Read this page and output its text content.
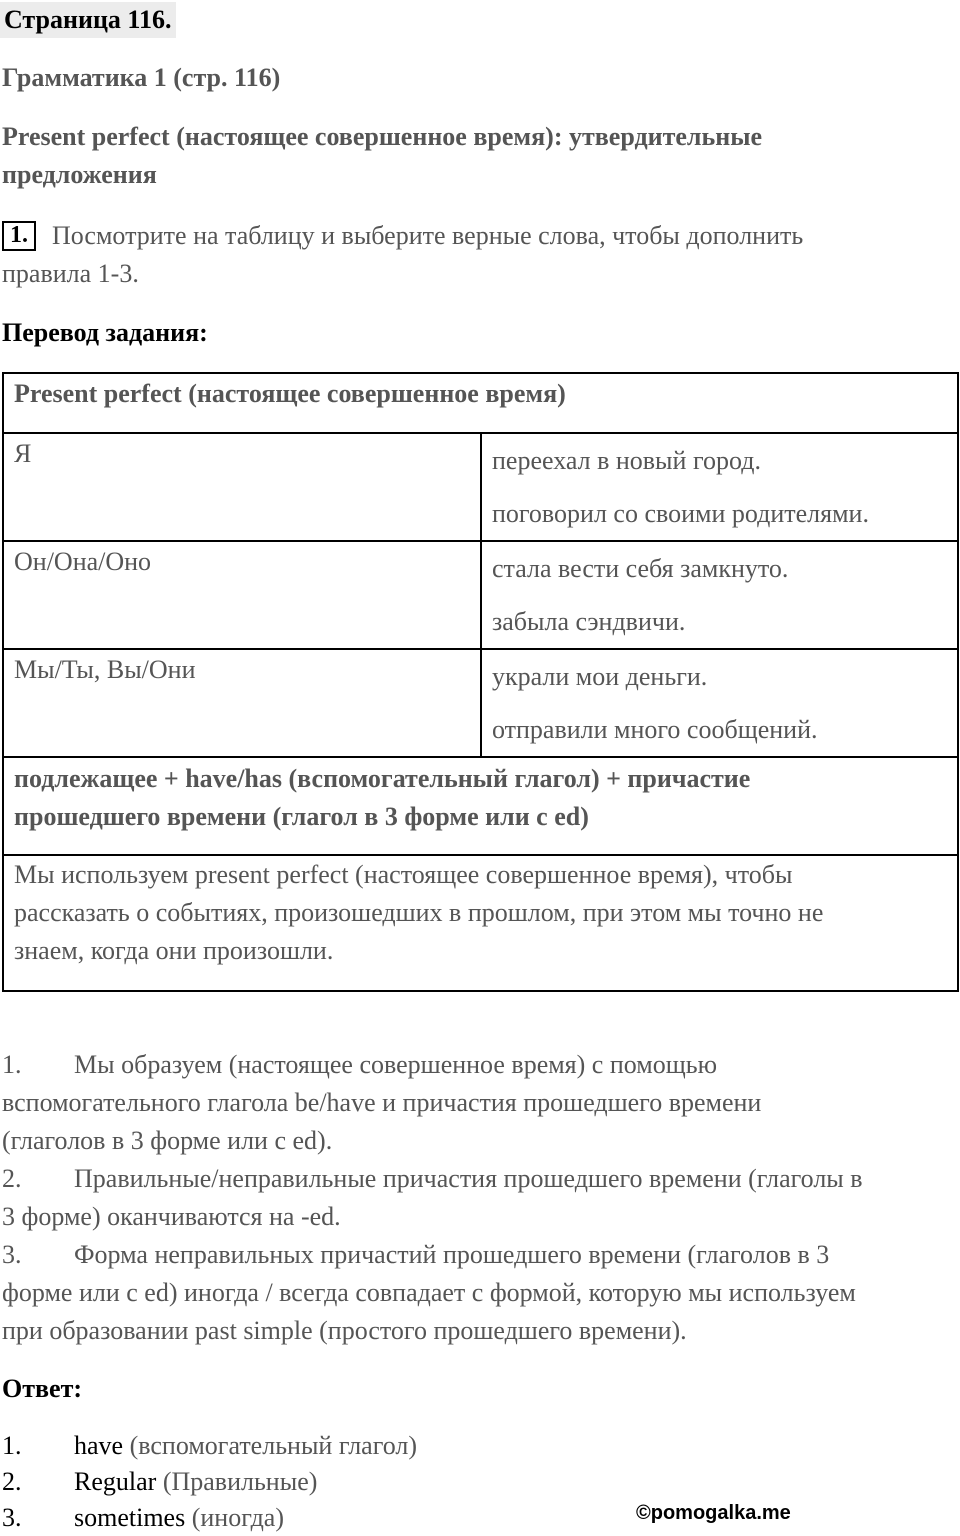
Страница 116.
Грамматика 1 (стр. 116)
Present perfect (настоящее совершенное время): утвердительные предложения
1. Посмотрите на таблицу и выберите верные слова, чтобы дополнить
правила 1-3.
Перевод задания:
Present perfect (настоящее совершенное время)	
Я	переехал в новый город.
поговорил со своими родителями.

Он/Она/Оно	стала вести себя замкнуто.
забыла сэндвичи.

Мы/Ты, Вы/Они	украли мои деньги.
отправили много сообщений.

подлежащее + have/has (вспомогательный глагол) + причастие
прошедшего времени (глагол в 3 форме или с ed)	

Мы используем present perfect (настоящее совершенное время), чтобы
рассказать о событиях, произошедших в прошлом, при этом мы точно не
знаем, когда они произошли.	
1. Мы образуем (настоящее совершенное время) с помощью
вспомогательного глагола be/have и причастия прошедшего времени
(глаголов в 3 форме или с ed).
2. Правильные/неправильные причастия прошедшего времени (глаголы в
3 форме) оканчиваются на -ed.
3. Форма неправильных причастий прошедшего времени (глаголов в 3
форме или с ed) иногда / всегда совпадает с формой, которую мы используем
при образовании past simple (простого прошедшего времени).
Ответ:
1. have (вспомогательный глагол)
2. Regular (Правильные)
3. sometimes (иногда)	©pomogalka.me
